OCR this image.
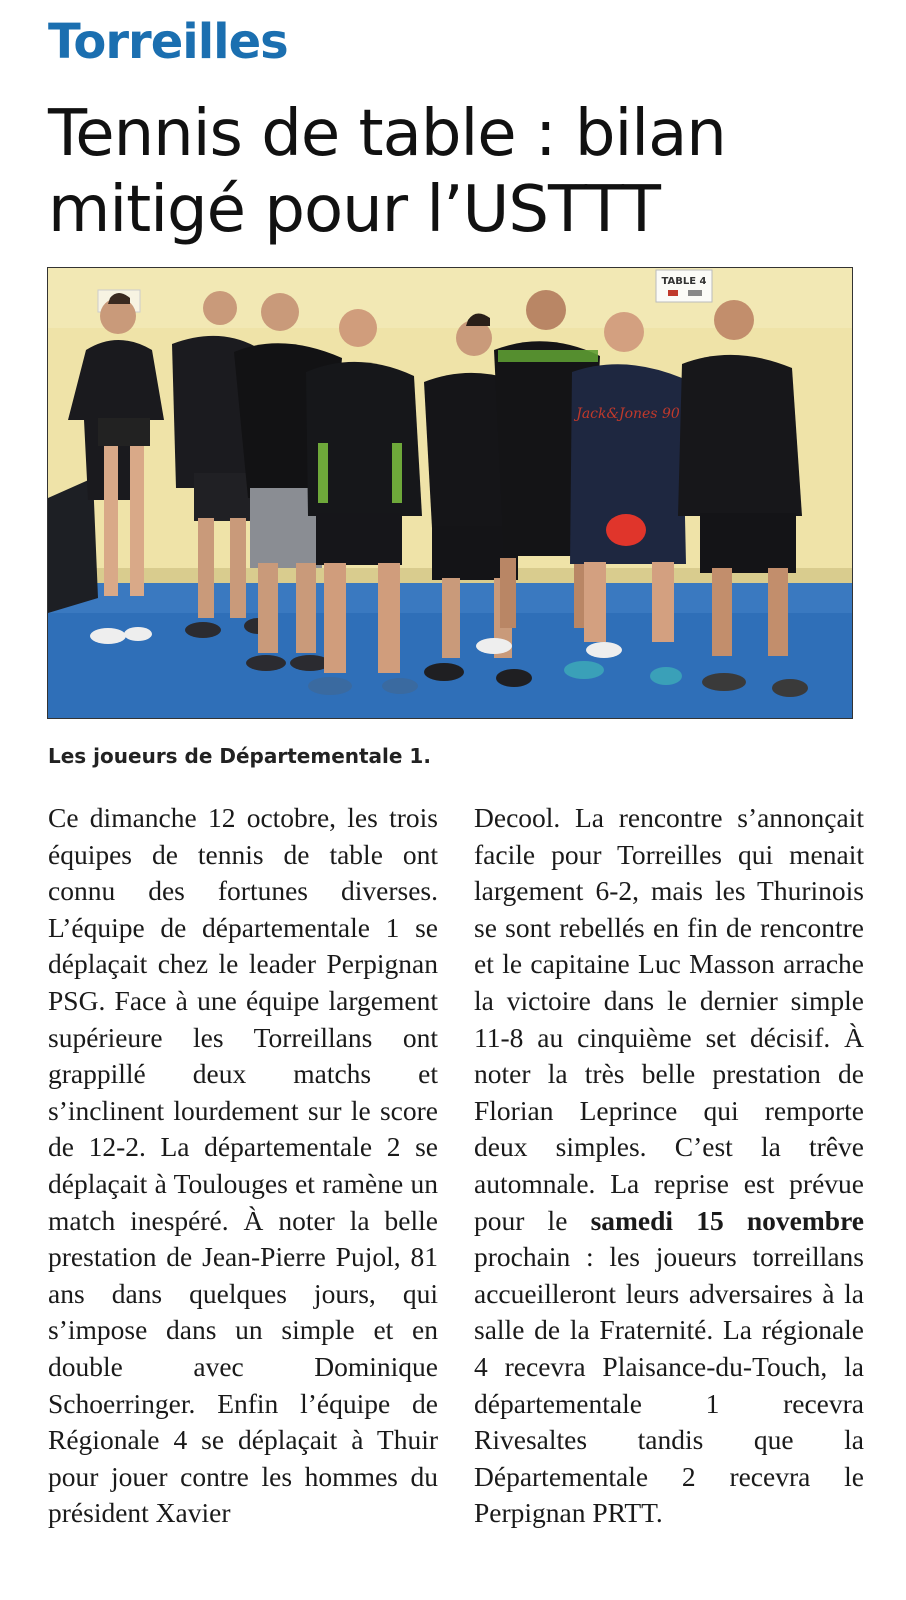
Torreilles
Tennis de table : bilan mitigé pour l’USTTT
TABLE 4
Jack&Jones 90
Les joueurs de Départementale 1.

Ce dimanche 12 octobre, les trois équipes de tennis de table ont connu des fortunes diverses. L’équipe de départementale 1 se déplaçait chez le leader Perpignan PSG. Face à une équipe largement supérieure les Torreillans ont grappillé deux matchs et s’inclinent lourdement sur le score de 12-2. La départementale 2 se déplaçait à Toulouges et ramène un match inespéré. À noter la belle prestation de Jean-Pierre Pujol, 81 ans dans quelques jours, qui s’impose dans un simple et en double avec Dominique Schoerringer. Enfin l’équipe de Régionale 4 se déplaçait à Thuir pour jouer contre les hommes du président Xavier

Decool. La rencontre s’annonçait facile pour Torreilles qui menait largement 6-2, mais les Thurinois se sont rebellés en fin de rencontre et le capitaine Luc Masson arrache la victoire dans le dernier simple 11-8 au cinquième set décisif. À noter la très belle prestation de Florian Leprince qui remporte deux simples. C’est la trêve automnale. La reprise est prévue pour le samedi 15 novembre prochain : les joueurs torreillans accueilleront leurs adversaires à la salle de la Fraternité. La régionale 4 recevra Plaisance-du-Touch, la départementale 1 recevra Rivesaltes tandis que la Départementale 2 recevra le Perpignan PRTT.
